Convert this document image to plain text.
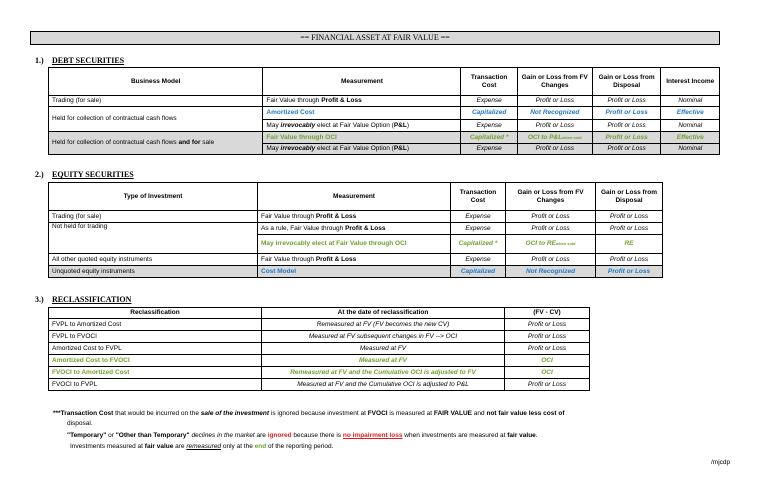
== FINANCIAL ASSET AT FAIR VALUE ==
1.) DEBT SECURITIES
Business Model	Measurement	Transaction Cost	Gain or Loss from FV Changes	Gain or Loss from Disposal	Interest Income
Trading (for sale)	Fair Value through Profit & Loss	Expense	Profit or Loss	Profit or Loss	Nominal
Held for collection of contractual cash flows	Amortized Cost	Capitalized	Not Recognized	Profit or Loss	Effective
	May irrevocably elect at Fair Value Option (P&L)	Expense	Profit or Loss	Profit or Loss	Nominal
Held for collection of contractual cash flows and for sale	Fair Value through OCI	Capitalized *	OCI to P&Lwhen sold	Profit or Loss	Effective
	May irrevocably elect at Fair Value Option (P&L)	Expense	Profit or Loss	Profit or Loss	Nominal
2.) EQUITY SECURITIES
Type of Investment	Measurement	Transaction Cost	Gain or Loss from FV Changes	Gain or Loss from Disposal
Trading (for sale)	Fair Value through Profit & Loss	Expense	Profit or Loss	Profit or Loss
Not held for trading	As a rule, Fair Value through Profit & Loss	Expense	Profit or Loss	Profit or Loss
	May irrevocably elect at Fair Value through OCI	Capitalized *	OCI to REwhen sold	RE
All other quoted equity instruments	Fair Value through Profit & Loss	Expense	Profit or Loss	Profit or Loss
Unquoted equity instruments	Cost Model	Capitalized	Not Recognized	Profit or Loss
3.) RECLASSIFICATION
Reclassification	At the date of reclassification	(FV - CV)
FVPL to Amortized Cost	Remeasured at FV (FV becomes the new CV)	Profit or Loss
FVPL to FVOCI	Measured at FV subsequent changes in FV --> OCI	Profit or Loss
Amortized Cost to FVPL	Measured at FV	Profit or Loss
Amortized Cost to FVOCI	Measured at FV	OCI
FVOCI to Amortized Cost	Remeasured at FV and the Cumulative OCI is adjusted to FV	OCI
FVOCI to FVPL	Measured at FV and the Cumulative OCI is adjusted to P&L	Profit or Loss
***Transaction Cost that would be incurred on the sale of the investment is ignored because investment at FVOCI is measured at FAIR VALUE and not fair value less cost of
disposal.
"Temporary" or "Other than Temporary" declines in the market are ignored because there is no impairment loss when investments are measured at fair value.
Investments measured at fair value are remeasured only at the end of the reporting period.
/mjcdp
